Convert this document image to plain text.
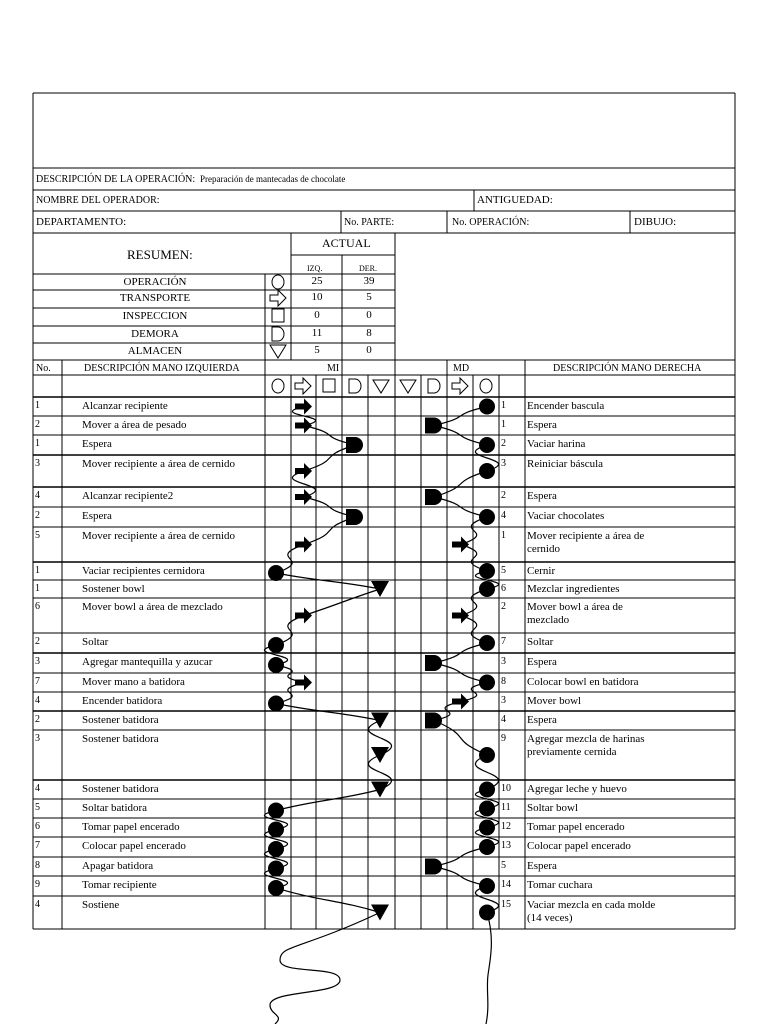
OPERACIÓN	25	39
TRANSPORTE	10	5
INSPECCION	0	0
DEMORA	11	8
ALMACEN	5	0
1	Alcanzar recipiente	1 Encender bascula
2	Mover a área de pesado	1 Espera
1	Espera	2 Vaciar harina
3	Mover recipiente a área de cernido	3 Reiniciar báscula
4	Alcanzar recipiente2	2 Espera
2	Espera	4 Vaciar chocolates
5	Mover recipiente a área de cernido	1 Mover recipiente a área de cernido
1	Vaciar recipientes cernidora	5 Cernir
1	Sostener bowl	6 Mezclar ingredientes
6	Mover bowl a área de mezclado	2 Mover bowl a área de mezclado
2	Soltar	7 Soltar
3	Agregar mantequilla y azucar	3 Espera
7	Mover mano a batidora	8 Colocar bowl en batidora
4	Encender batidora	3 Mover bowl
2	Sostener batidora	4 Espera
3	Sostener batidora	9 Agregar mezcla de harinas previamente cernida
4	Sostener batidora	10 Agregar leche y huevo
5	Soltar batidora	11 Soltar bowl
6	Tomar papel encerado	12 Tomar papel encerado
7	Colocar papel encerado	13 Colocar papel encerado
8	Apagar batidora	5 Espera
9	Tomar recipiente	14 Tomar cuchara
4	Sostiene	15 Vaciar mezcla en cada molde (14 veces)
DESCRIPCIÓN DE LA OPERACIÓN: Preparación de mantecadas de chocolate
NOMBRE DEL OPERADOR:	ANTIGUEDAD:
DEPARTAMENTO:	No. PARTE:	No. OPERACIÓN:	DIBUJO:
RESUMEN:
ACTUAL
IZQ.	DER.
No.	DESCRIPCIÓN MANO IZQUIERDA	MI	MD	DESCRIPCIÓN MANO DERECHA
